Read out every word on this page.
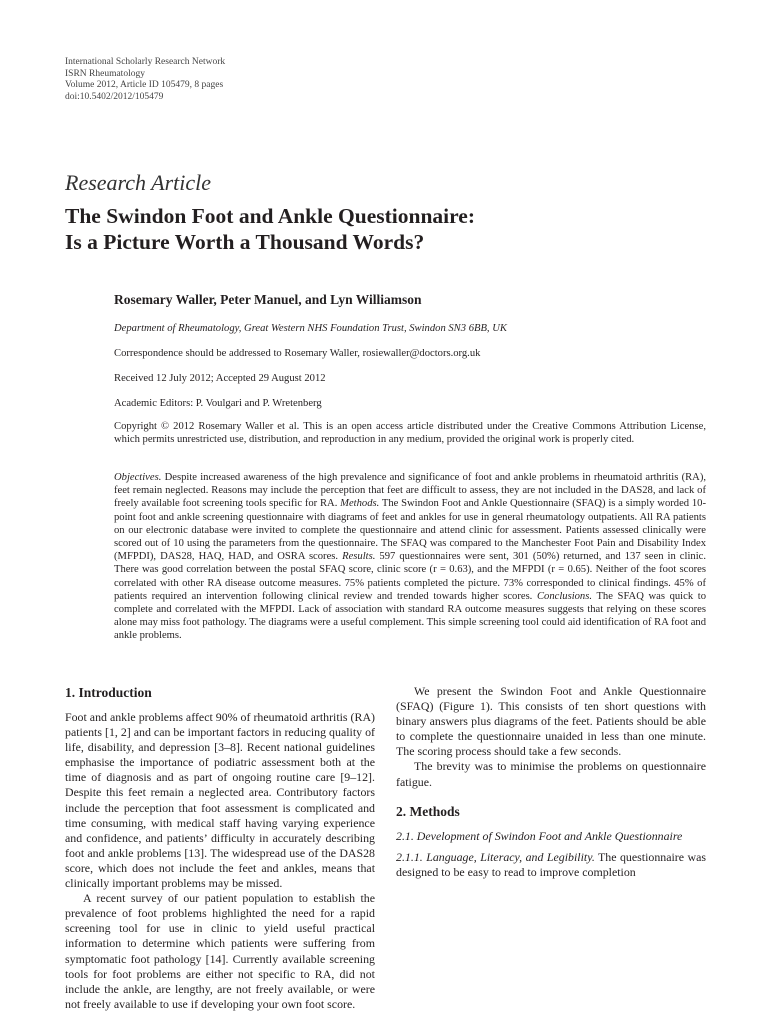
International Scholarly Research Network
ISRN Rheumatology
Volume 2012, Article ID 105479, 8 pages
doi:10.5402/2012/105479
Research Article
The Swindon Foot and Ankle Questionnaire:
Is a Picture Worth a Thousand Words?
Rosemary Waller, Peter Manuel, and Lyn Williamson
Department of Rheumatology, Great Western NHS Foundation Trust, Swindon SN3 6BB, UK
Correspondence should be addressed to Rosemary Waller, rosiewaller@doctors.org.uk
Received 12 July 2012; Accepted 29 August 2012
Academic Editors: P. Voulgari and P. Wretenberg
Copyright © 2012 Rosemary Waller et al. This is an open access article distributed under the Creative Commons Attribution License, which permits unrestricted use, distribution, and reproduction in any medium, provided the original work is properly cited.
Objectives. Despite increased awareness of the high prevalence and significance of foot and ankle problems in rheumatoid arthritis (RA), feet remain neglected. Reasons may include the perception that feet are difficult to assess, they are not included in the DAS28, and lack of freely available foot screening tools specific for RA. Methods. The Swindon Foot and Ankle Questionnaire (SFAQ) is a simply worded 10-point foot and ankle screening questionnaire with diagrams of feet and ankles for use in general rheumatology outpatients. All RA patients on our electronic database were invited to complete the questionnaire and attend clinic for assessment. Patients assessed clinically were scored out of 10 using the parameters from the questionnaire. The SFAQ was compared to the Manchester Foot Pain and Disability Index (MFPDI), DAS28, HAQ, HAD, and OSRA scores. Results. 597 questionnaires were sent, 301 (50%) returned, and 137 seen in clinic. There was good correlation between the postal SFAQ score, clinic score (r = 0.63), and the MFPDI (r = 0.65). Neither of the foot scores correlated with other RA disease outcome measures. 75% patients completed the picture. 73% corresponded to clinical findings. 45% of patients required an intervention following clinical review and trended towards higher scores. Conclusions. The SFAQ was quick to complete and correlated with the MFPDI. Lack of association with standard RA outcome measures suggests that relying on these scores alone may miss foot pathology. The diagrams were a useful complement. This simple screening tool could aid identification of RA foot and ankle problems.
1. Introduction

Foot and ankle problems affect 90% of rheumatoid arthritis (RA) patients [1, 2] and can be important factors in reducing quality of life, disability, and depression [3–8]. Recent national guidelines emphasise the importance of podiatric assessment both at the time of diagnosis and as part of ongoing routine care [9–12]. Despite this feet remain a neglected area. Contributory factors include the perception that foot assessment is complicated and time consuming, with medical staff having varying experience and confidence, and patients’ difficulty in accurately describing foot and ankle problems [13]. The widespread use of the DAS28 score, which does not include the feet and ankles, means that clinically important problems may be missed.

A recent survey of our patient population to establish the prevalence of foot problems highlighted the need for a rapid screening tool for use in clinic to yield useful practical information to determine which patients were suffering from symptomatic foot pathology [14]. Currently available screening tools for foot problems are either not specific to RA, did not include the ankle, are lengthy, are not freely available, or were not freely available to use if developing your own foot score.

We present the Swindon Foot and Ankle Questionnaire (SFAQ) (Figure 1). This consists of ten short questions with binary answers plus diagrams of the feet. Patients should be able to complete the questionnaire unaided in less than one minute. The scoring process should take a few seconds.

The brevity was to minimise the problems on questionnaire fatigue.

2. Methods
2.1. Development of Swindon Foot and Ankle Questionnaire

2.1.1. Language, Literacy, and Legibility. The questionnaire was designed to be easy to read to improve completion
